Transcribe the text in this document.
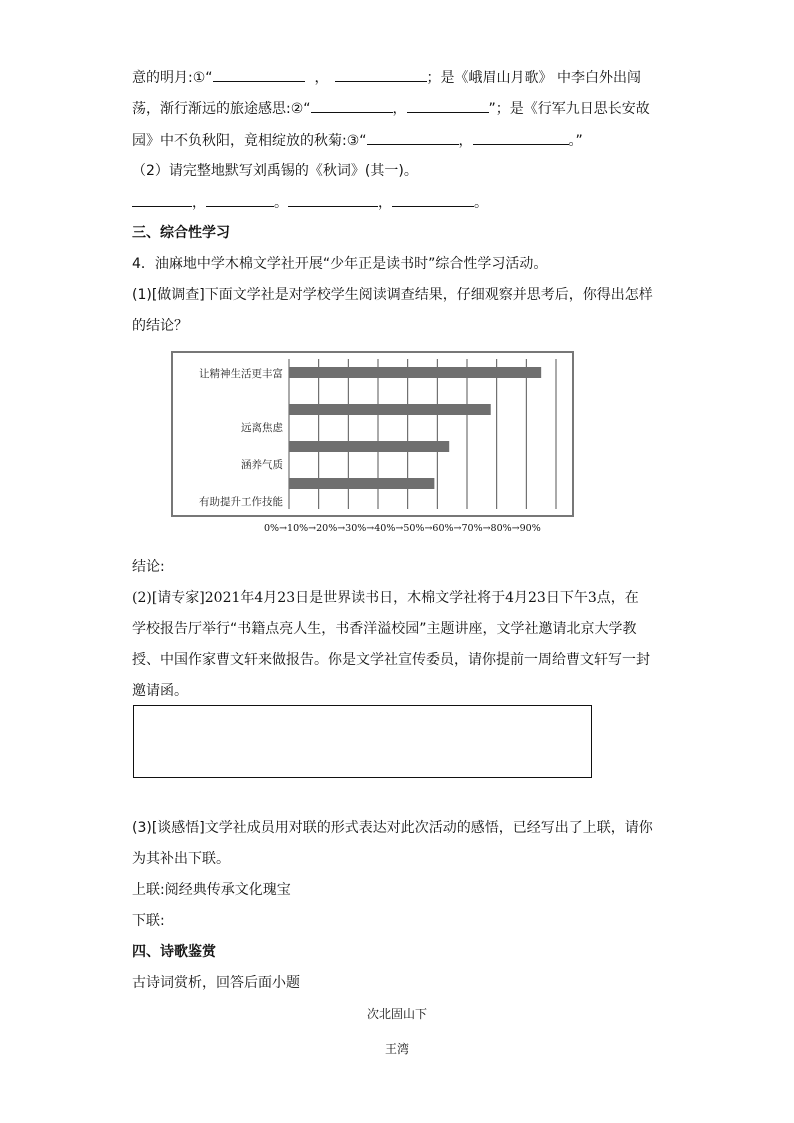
意的明月:①“	，	；是《峨眉山月歌》 中李白外出闯
荡，渐行渐远的旅途感思:②“	，	”；是《行军九日思长安故
园》中不负秋阳，竟相绽放的秋菊:③“	，	。”
（2）请完整地默写刘禹锡的《秋词》(其一)。
，	。	，	。
三、综合性学习
4．油麻地中学木棉文学社开展“少年正是读书时”综合性学习活动。
(1)[做调查]下面文学社是对学校学生阅读调查结果，仔细观察并思考后，你得出怎样
的结论？
让精神生活更丰富
远离焦虑
涵养气质
有助提升工作技能
0%→10%→20%→30%→40%→50%→60%→70%→80%→90%
结论:
(2)[请专家]2021年4月23日是世界读书日，木棉文学社将于4月23日下午3点，在
学校报告厅举行“书籍点亮人生，书香洋溢校园”主题讲座，文学社邀请北京大学教
授、中国作家曹文轩来做报告。你是文学社宣传委员，请你提前一周给曹文轩写一封
邀请函。
(3)[谈感悟]文学社成员用对联的形式表达对此次活动的感悟，已经写出了上联，请你
为其补出下联。
上联:阅经典传承文化瑰宝
下联:
四、诗歌鉴赏
古诗词赏析，回答后面小题
次北固山下
王湾
